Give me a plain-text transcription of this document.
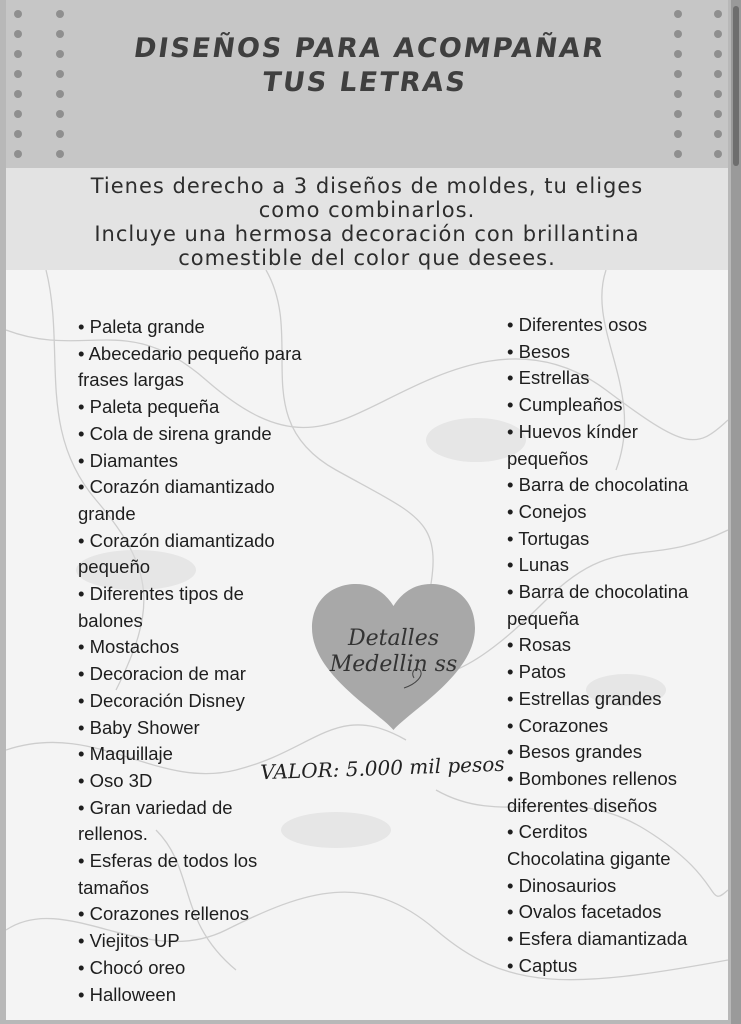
DISEÑOS PARA ACOMPAÑAR
TUS LETRAS
Tienes derecho a 3 diseños de moldes, tu eliges
como combinarlos.
Incluye una hermosa decoración con brillantina
comestible del color que desees.
• Paleta grande
• Abecedario pequeño para frases largas
• Paleta pequeña
• Cola de sirena grande
• Diamantes
• Corazón diamantizado grande
• Corazón diamantizado pequeño
• Diferentes tipos de balones
• Mostachos
• Decoracion de mar
• Decoración Disney
• Baby Shower
• Maquillaje
• Oso 3D
• Gran variedad de rellenos.
• Esferas de todos los tamaños
• Corazones rellenos
• Viejitos UP
• Chocó oreo
• Halloween
• Diferentes osos
• Besos
• Estrellas
• Cumpleaños
• Huevos kínder pequeños
• Barra de chocolatina
• Conejos
• Tortugas
• Lunas
• Barra de chocolatina pequeña
• Rosas
• Patos
• Estrellas grandes
• Corazones
• Besos grandes
• Bombones rellenos diferentes diseños
• Cerditos
Chocolatina gigante
• Dinosaurios
• Ovalos facetados
• Esfera diamantizada
• Captus
Detalles
Medellin ss
VALOR: 5.000 mil pesos
